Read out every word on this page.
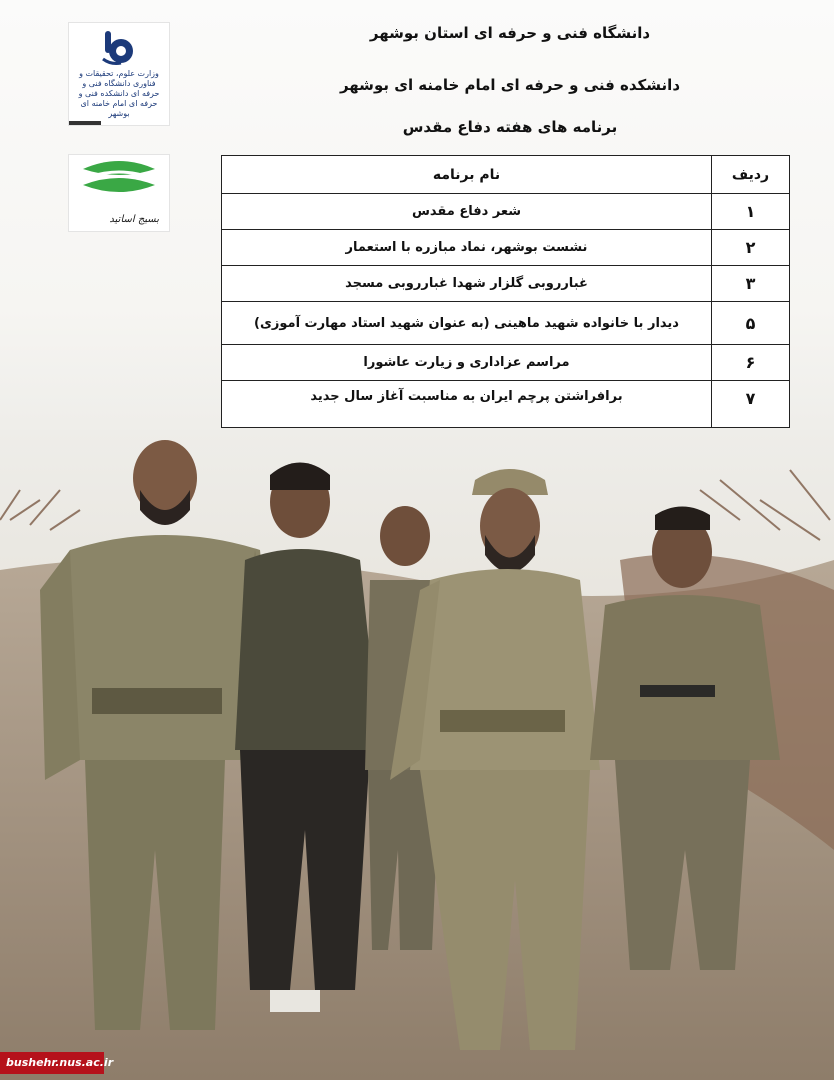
وزارت علوم، تحقیقات و فناوری دانشگاه فنی و حرفه ای دانشکده فنی و حرفه ای امام خامنه ای بوشهر
بسیج اساتید
دانشگاه فنی و حرفه ای استان بوشهر
دانشکده فنی و حرفه ای امام خامنه ای بوشهر
برنامه های هفته دفاع مقدس
ردیف	نام برنامه
۱	شعر دفاع مقدس
۲	نشست بوشهر، نماد مبازره با استعمار
۳	غبارروبی گلزار شهدا غبارروبی مسجد
۵	دیدار با خانواده شهید ماهینی (به عنوان شهید استاد مهارت آموزی)
۶	مراسم عزاداری و زیارت عاشورا
۷	برافراشتن پرچم ایران به مناسبت آغاز سال جدید
bushehr.nus.ac.ir
